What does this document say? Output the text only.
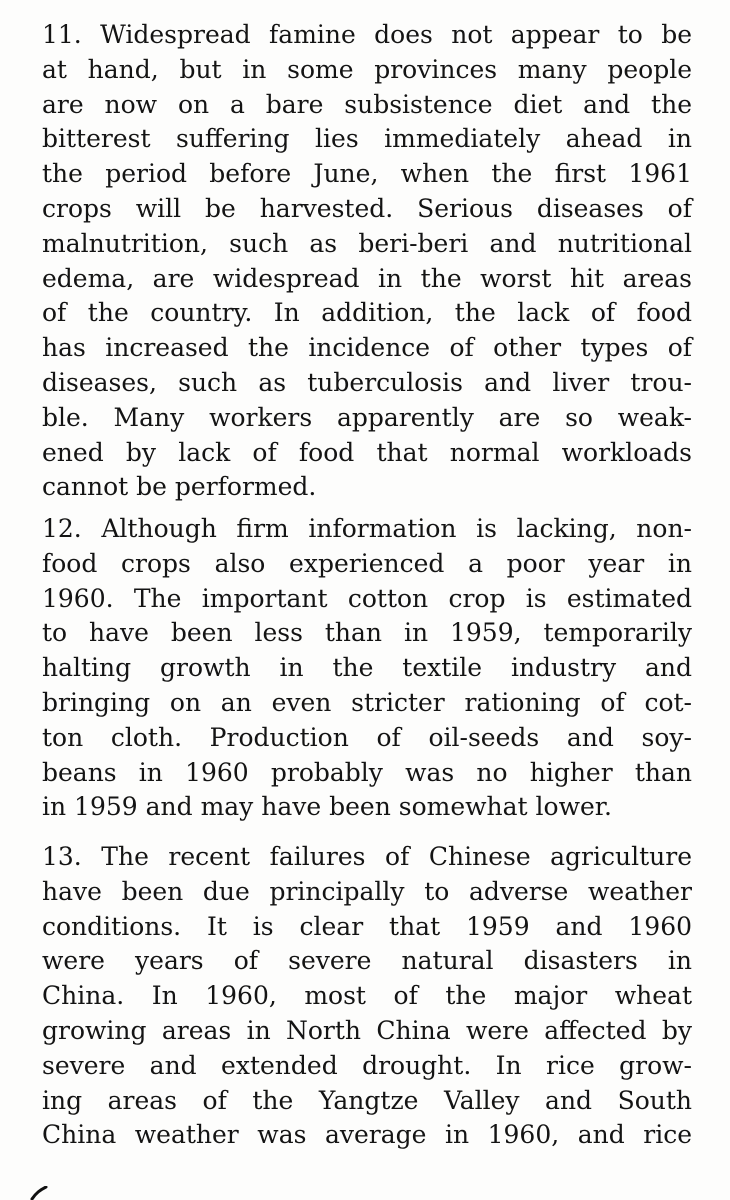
11. Widespread famine does not appear to be
at hand, but in some provinces many people
are now on a bare subsistence diet and the
bitterest suffering lies immediately ahead in
the period before June, when the first 1961
crops will be harvested. Serious diseases of
malnutrition, such as beri-beri and nutritional
edema, are widespread in the worst hit areas
of the country. In addition, the lack of food
has increased the incidence of other types of
diseases, such as tuberculosis and liver trou-
ble. Many workers apparently are so weak-
ened by lack of food that normal workloads
cannot be performed.

12. Although firm information is lacking, non-
food crops also experienced a poor year in
1960. The important cotton crop is estimated
to have been less than in 1959, temporarily
halting growth in the textile industry and
bringing on an even stricter rationing of cot-
ton cloth. Production of oil-seeds and soy-
beans in 1960 probably was no higher than
in 1959 and may have been somewhat lower.

13. The recent failures of Chinese agriculture
have been due principally to adverse weather
conditions. It is clear that 1959 and 1960
were years of severe natural disasters in
China. In 1960, most of the major wheat
growing areas in North China were affected by
severe and extended drought. In rice grow-
ing areas of the Yangtze Valley and South
China weather was average in 1960, and rice
